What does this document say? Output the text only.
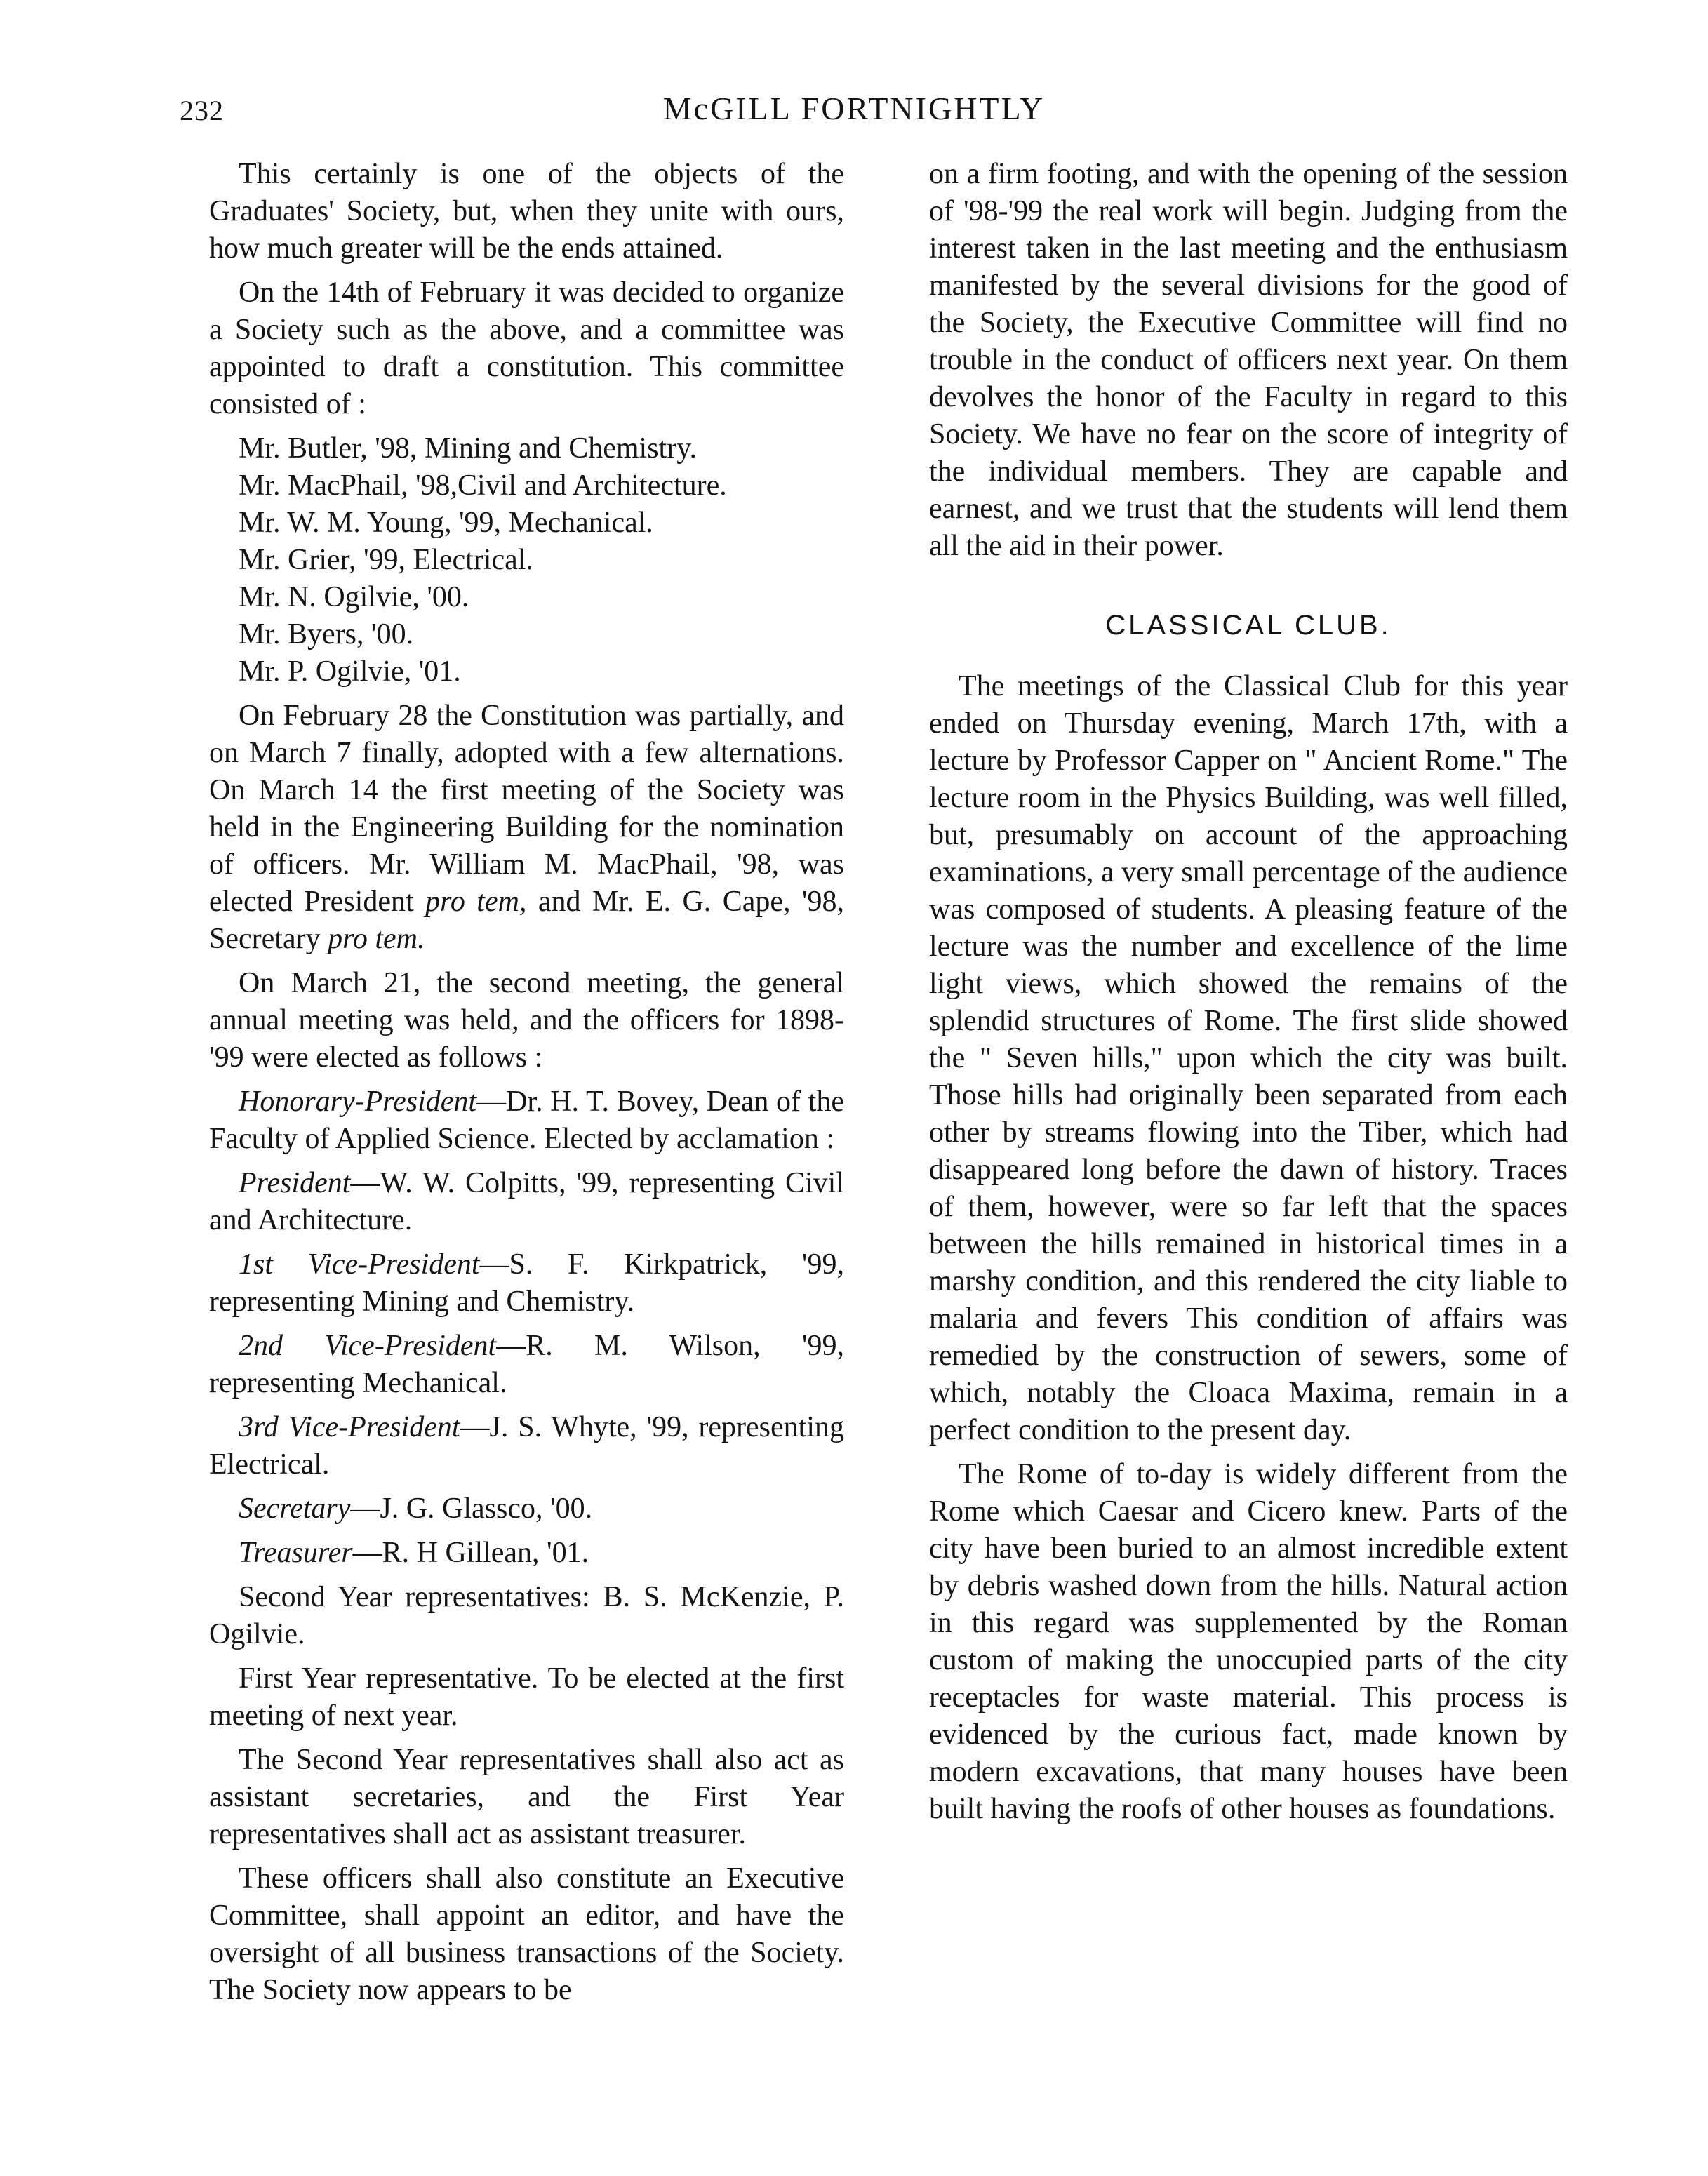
232	McGILL FORTNIGHTLY

This certainly is one of the objects of the Graduates' Society, but, when they unite with ours, how much greater will be the ends attained.

On the 14th of February it was decided to organize a Society such as the above, and a committee was appointed to draft a constitution. This committee consisted of :

Mr. Butler, '98, Mining and Chemistry.

Mr. MacPhail, '98,Civil and Architecture.

Mr. W. M. Young, '99, Mechanical.

Mr. Grier, '99, Electrical.

Mr. N. Ogilvie, '00.

Mr. Byers, '00.

Mr. P. Ogilvie, '01.

On February 28 the Constitution was partially, and on March 7 finally, adopted with a few alternations. On March 14 the first meeting of the Society was held in the Engineering Building for the nomination of officers. Mr. William M. MacPhail, '98, was elected President pro tem, and Mr. E. G. Cape, '98, Secretary pro tem.

On March 21, the second meeting, the general annual meeting was held, and the officers for 1898-'99 were elected as follows :

Honorary-President—Dr. H. T. Bovey, Dean of the Faculty of Applied Science. Elected by acclamation :

President—W. W. Colpitts, '99, representing Civil and Architecture.

1st Vice-President—S. F. Kirkpatrick, '99, representing Mining and Chemistry.

2nd Vice-President—R. M. Wilson, '99, representing Mechanical.

3rd Vice-President—J. S. Whyte, '99, representing Electrical.

Secretary—J. G. Glassco, '00.

Treasurer—R. H Gillean, '01.

Second Year representatives: B. S. McKenzie, P. Ogilvie.

First Year representative. To be elected at the first meeting of next year.

The Second Year representatives shall also act as assistant secretaries, and the First Year representatives shall act as assistant treasurer.

These officers shall also constitute an Executive Committee, shall appoint an editor, and have the oversight of all business transactions of the Society. The Society now appears to be

on a firm footing, and with the opening of the session of '98-'99 the real work will begin. Judging from the interest taken in the last meeting and the enthusiasm manifested by the several divisions for the good of the Society, the Executive Committee will find no trouble in the conduct of officers next year. On them devolves the honor of the Faculty in regard to this Society. We have no fear on the score of integrity of the individual members. They are capable and earnest, and we trust that the students will lend them all the aid in their power.

CLASSICAL CLUB.

The meetings of the Classical Club for this year ended on Thursday evening, March 17th, with a lecture by Professor Capper on " Ancient Rome." The lecture room in the Physics Building, was well filled, but, presumably on account of the approaching examinations, a very small percentage of the audience was composed of students. A pleasing feature of the lecture was the number and excellence of the lime light views, which showed the remains of the splendid structures of Rome. The first slide showed the " Seven hills," upon which the city was built. Those hills had originally been separated from each other by streams flowing into the Tiber, which had disappeared long before the dawn of history. Traces of them, however, were so far left that the spaces between the hills remained in historical times in a marshy condition, and this rendered the city liable to malaria and fevers This condition of affairs was remedied by the construction of sewers, some of which, notably the Cloaca Maxima, remain in a perfect condition to the present day.

The Rome of to-day is widely different from the Rome which Caesar and Cicero knew. Parts of the city have been buried to an almost incredible extent by debris washed down from the hills. Natural action in this regard was supplemented by the Roman custom of making the unoccupied parts of the city receptacles for waste material. This process is evidenced by the curious fact, made known by modern excavations, that many houses have been built having the roofs of other houses as foundations.
